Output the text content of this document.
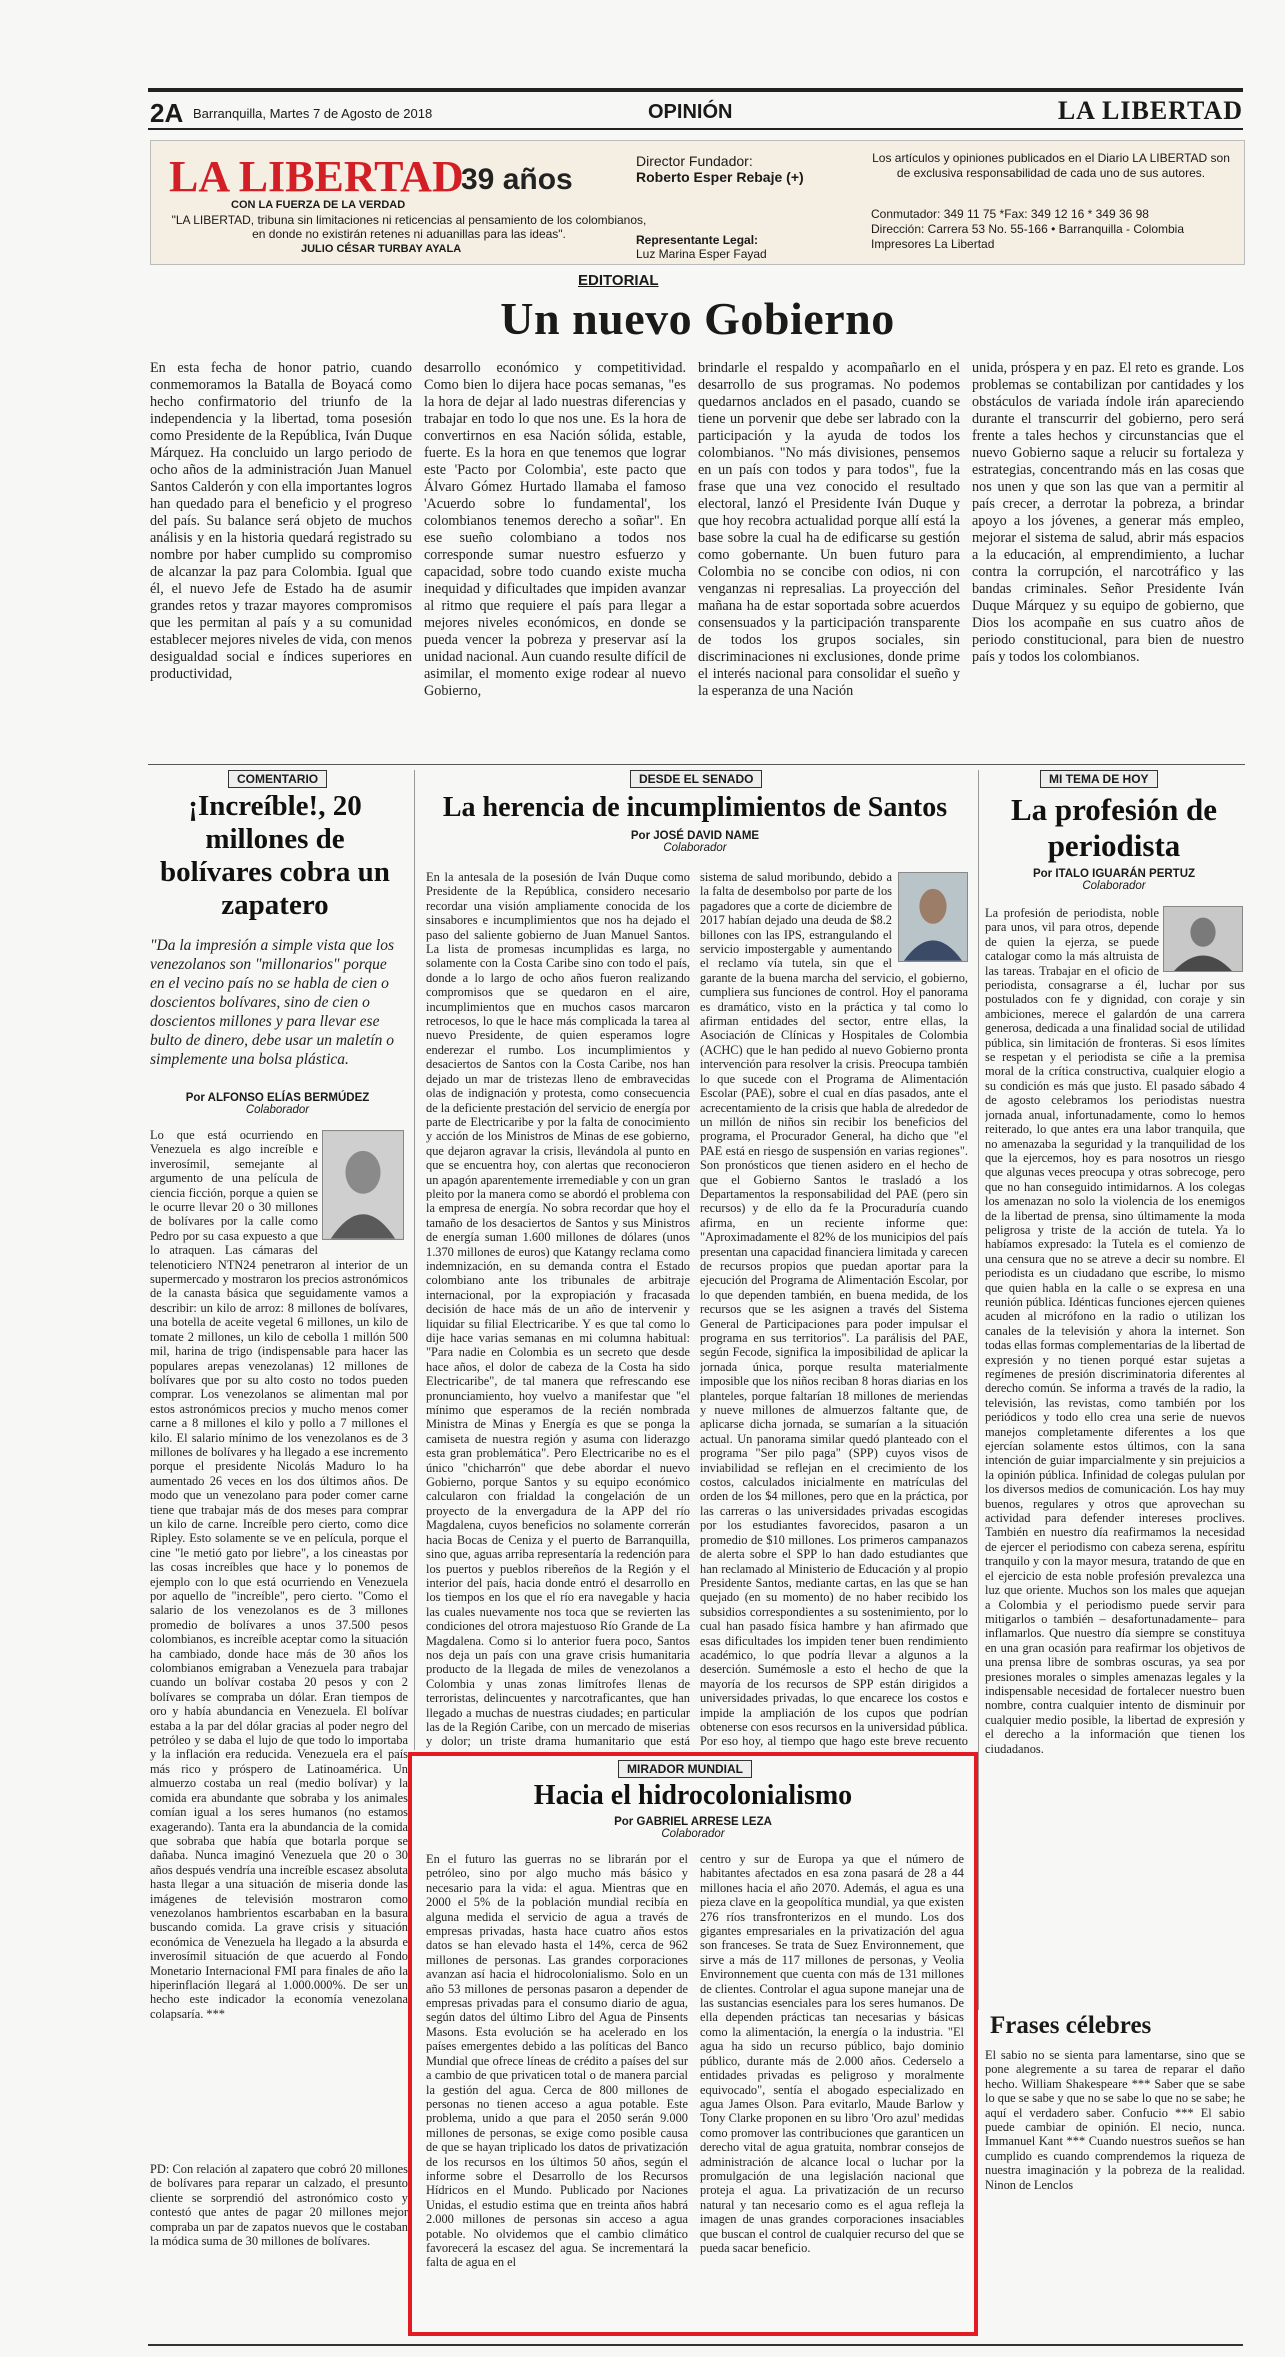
2A Barranquilla, Martes 7 de Agosto de 2018	OPINIÓN	LA LIBERTAD
LA LIBERTAD
39 años
CON LA FUERZA DE LA VERDAD
"LA LIBERTAD, tribuna sin limitaciones ni reticencias al pensamiento de los colombianos, en donde no existirán retenes ni aduanillas para las ideas".
JULIO CÉSAR TURBAY AYALA
Director Fundador:
Roberto Esper Rebaje (+)
Representante Legal:
Luz Marina Esper Fayad
Los artículos y opiniones publicados en el Diario LA LIBERTAD son de exclusiva responsabilidad de cada uno de sus autores.
Conmutador: 349 11 75 *Fax: 349 12 16 * 349 36 98
Dirección: Carrera 53 No. 55-166 • Barranquilla - Colombia
Impresores La Libertad
EDITORIAL
Un nuevo Gobierno
En esta fecha de honor patrio, cuando conmemoramos la Batalla de Boyacá como hecho confirmatorio del triunfo de la independencia y la libertad, toma posesión como Presidente de la República, Iván Duque Márquez. Ha concluido un largo periodo de ocho años de la administración Juan Manuel Santos Calderón y con ella importantes logros han quedado para el beneficio y el progreso del país. Su balance será objeto de muchos análisis y en la historia quedará registrado su nombre por haber cumplido su compromiso de alcanzar la paz para Colombia. Igual que él, el nuevo Jefe de Estado ha de asumir grandes retos y trazar mayores compromisos que les permitan al país y a su comunidad establecer mejores niveles de vida, con menos desigualdad social e índices superiores en productividad,
desarrollo económico y competitividad. Como bien lo dijera hace pocas semanas, "es la hora de dejar al lado nuestras diferencias y trabajar en todo lo que nos une. Es la hora de convertirnos en esa Nación sólida, estable, fuerte. Es la hora en que tenemos que lograr este 'Pacto por Colombia', este pacto que Álvaro Gómez Hurtado llamaba el famoso 'Acuerdo sobre lo fundamental', los colombianos tenemos derecho a soñar". En ese sueño colombiano a todos nos corresponde sumar nuestro esfuerzo y capacidad, sobre todo cuando existe mucha inequidad y dificultades que impiden avanzar al ritmo que requiere el país para llegar a mejores niveles económicos, en donde se pueda vencer la pobreza y preservar así la unidad nacional. Aun cuando resulte difícil de asimilar, el momento exige rodear al nuevo Gobierno,
brindarle el respaldo y acompañarlo en el desarrollo de sus programas. No podemos quedarnos anclados en el pasado, cuando se tiene un porvenir que debe ser labrado con la participación y la ayuda de todos los colombianos. "No más divisiones, pensemos en un país con todos y para todos", fue la frase que una vez conocido el resultado electoral, lanzó el Presidente Iván Duque y que hoy recobra actualidad porque allí está la base sobre la cual ha de edificarse su gestión como gobernante. Un buen futuro para Colombia no se concibe con odios, ni con venganzas ni represalias. La proyección del mañana ha de estar soportada sobre acuerdos consensuados y la participación transparente de todos los grupos sociales, sin discriminaciones ni exclusiones, donde prime el interés nacional para consolidar el sueño y la esperanza de una Nación
unida, próspera y en paz. El reto es grande. Los problemas se contabilizan por cantidades y los obstáculos de variada índole irán apareciendo durante el transcurrir del gobierno, pero será frente a tales hechos y circunstancias que el nuevo Gobierno saque a relucir su fortaleza y estrategias, concentrando más en las cosas que nos unen y que son las que van a permitir al país crecer, a derrotar la pobreza, a brindar apoyo a los jóvenes, a generar más empleo, mejorar el sistema de salud, abrir más espacios a la educación, al emprendimiento, a luchar contra la corrupción, el narcotráfico y las bandas criminales. Señor Presidente Iván Duque Márquez y su equipo de gobierno, que Dios los acompañe en sus cuatro años de periodo constitucional, para bien de nuestro país y todos los colombianos.
COMENTARIO
¡Increíble!, 20 millones de bolívares cobra un zapatero
"Da la impresión a simple vista que los venezolanos son "millonarios" porque en el vecino país no se habla de cien o doscientos bolívares, sino de cien o doscientos millones y para llevar ese bulto de dinero, debe usar un maletín o simplemente una bolsa plástica.
Por ALFONSO ELÍAS BERMÚDEZ
Colaborador
Lo que está ocurriendo en Venezuela es algo increíble e inverosímil, semejante al argumento de una película de ciencia ficción, porque a quien se le ocurre llevar 20 o 30 millones de bolívares por la calle como Pedro por su casa expuesto a que lo atraquen. Las cámaras del telenoticiero NTN24 penetraron al interior de un supermercado y mostraron los precios astronómicos de la canasta básica que seguidamente vamos a describir: un kilo de arroz: 8 millones de bolívares, una botella de aceite vegetal 6 millones, un kilo de tomate 2 millones, un kilo de cebolla 1 millón 500 mil, harina de trigo (indispensable para hacer las populares arepas venezolanas) 12 millones de bolívares que por su alto costo no todos pueden comprar. Los venezolanos se alimentan mal por estos astronómicos precios y mucho menos comer carne a 8 millones el kilo y pollo a 7 millones el kilo. El salario mínimo de los venezolanos es de 3 millones de bolívares y ha llegado a ese incremento porque el presidente Nicolás Maduro lo ha aumentado 26 veces en los dos últimos años. De modo que un venezolano para poder comer carne tiene que trabajar más de dos meses para comprar un kilo de carne. Increíble pero cierto, como dice Ripley. Esto solamente se ve en película, porque el cine "le metió gato por liebre", a los cineastas por las cosas increíbles que hace y lo ponemos de ejemplo con lo que está ocurriendo en Venezuela por aquello de "increíble", pero cierto. "Como el salario de los venezolanos es de 3 millones promedio de bolívares a unos 37.500 pesos colombianos, es increíble aceptar como la situación ha cambiado, donde hace más de 30 años los colombianos emigraban a Venezuela para trabajar cuando un bolívar costaba 20 pesos y con 2 bolívares se compraba un dólar. Eran tiempos de oro y había abundancia en Venezuela. El bolívar estaba a la par del dólar gracias al poder negro del petróleo y se daba el lujo de que todo lo importaba y la inflación era reducida. Venezuela era el país más rico y próspero de Latinoamérica. Un almuerzo costaba un real (medio bolívar) y la comida era abundante que sobraba y los animales comían igual a los seres humanos (no estamos exagerando). Tanta era la abundancia de la comida que sobraba que había que botarla porque se dañaba. Nunca imaginó Venezuela que 20 o 30 años después vendría una increíble escasez absoluta hasta llegar a una situación de miseria donde las imágenes de televisión mostraron como venezolanos hambrientos escarbaban en la basura buscando comida. La grave crisis y situación económica de Venezuela ha llegado a la absurda e inverosímil situación de que acuerdo al Fondo Monetario Internacional FMI para finales de año la hiperinflación llegará al 1.000.000%. De ser un hecho este indicador la economía venezolana colapsaría. ***
PD: Con relación al zapatero que cobró 20 millones de bolívares para reparar un calzado, el presunto cliente se sorprendió del astronómico costo y contestó que antes de pagar 20 millones mejor compraba un par de zapatos nuevos que le costaban la módica suma de 30 millones de bolívares.
DESDE EL SENADO
La herencia de incumplimientos de Santos
Por JOSÉ DAVID NAME
Colaborador
En la antesala de la posesión de Iván Duque como Presidente de la República, considero necesario recordar una visión ampliamente conocida de los sinsabores e incumplimientos que nos ha dejado el paso del saliente gobierno de Juan Manuel Santos. La lista de promesas incumplidas es larga, no solamente con la Costa Caribe sino con todo el país, donde a lo largo de ocho años fueron realizando compromisos que se quedaron en el aire, incumplimientos que en muchos casos marcaron retrocesos, lo que le hace más complicada la tarea al nuevo Presidente, de quien esperamos logre enderezar el rumbo. Los incumplimientos y desaciertos de Santos con la Costa Caribe, nos han dejado un mar de tristezas lleno de embravecidas olas de indignación y protesta, como consecuencia de la deficiente prestación del servicio de energía por parte de Electricaribe y por la falta de conocimiento y acción de los Ministros de Minas de ese gobierno, que dejaron agravar la crisis, llevándola al punto en que se encuentra hoy, con alertas que reconocieron un apagón aparentemente irremediable y con un gran pleito por la manera como se abordó el problema con la empresa de energía. No sobra recordar que hoy el tamaño de los desaciertos de Santos y sus Ministros de energía suman 1.600 millones de dólares (unos 1.370 millones de euros) que Katangy reclama como indemnización, en su demanda contra el Estado colombiano ante los tribunales de arbitraje internacional, por la expropiación y fracasada decisión de hace más de un año de intervenir y liquidar su filial Electricaribe. Y es que tal como lo dije hace varias semanas en mi columna habitual: "Para nadie en Colombia es un secreto que desde hace años, el dolor de cabeza de la Costa ha sido Electricaribe", de tal manera que refrescando ese pronunciamiento, hoy vuelvo a manifestar que "el mínimo que esperamos de la recién nombrada Ministra de Minas y Energía es que se ponga la camiseta de nuestra región y asuma con liderazgo esta gran problemática". Pero Electricaribe no es el único "chicharrón" que debe abordar el nuevo Gobierno, porque Santos y su equipo económico calcularon con frialdad la congelación de un proyecto de la envergadura de la APP del río Magdalena, cuyos beneficios no solamente correrán hacia Bocas de Ceniza y el puerto de Barranquilla, sino que, aguas arriba representaría la redención para los puertos y pueblos ribereños de la Región y el interior del país, hacia donde entró el desarrollo en los tiempos en los que el río era navegable y hacia las cuales nuevamente nos toca que se revierten las condiciones del otrora majestuoso Río Grande de La Magdalena. Como si lo anterior fuera poco, Santos nos deja un país con una grave crisis humanitaria producto de la llegada de miles de venezolanos a Colombia y unas zonas limítrofes llenas de terroristas, delincuentes y narcotraficantes, que han llegado a muchas de nuestras ciudades; en particular las de la Región Caribe, con un mercado de miserias y dolor; un triste drama humanitario que está
sistema de salud moribundo, debido a la falta de desembolso por parte de los pagadores que a corte de diciembre de 2017 habían dejado una deuda de $8.2 billones con las IPS, estrangulando el servicio impostergable y aumentando el reclamo vía tutela, sin que el garante de la buena marcha del servicio, el gobierno, cumpliera sus funciones de control. Hoy el panorama es dramático, visto en la práctica y tal como lo afirman entidades del sector, entre ellas, la Asociación de Clínicas y Hospitales de Colombia (ACHC) que le han pedido al nuevo Gobierno pronta intervención para resolver la crisis. Preocupa también lo que sucede con el Programa de Alimentación Escolar (PAE), sobre el cual en días pasados, ante el acrecentamiento de la crisis que habla de alrededor de un millón de niños sin recibir los beneficios del programa, el Procurador General, ha dicho que "el PAE está en riesgo de suspensión en varias regiones". Son pronósticos que tienen asidero en el hecho de que el Gobierno Santos le trasladó a los Departamentos la responsabilidad del PAE (pero sin recursos) y de ello da fe la Procuraduría cuando afirma, en un reciente informe que: "Aproximadamente el 82% de los municipios del país presentan una capacidad financiera limitada y carecen de recursos propios que puedan aportar para la ejecución del Programa de Alimentación Escolar, por lo que dependen también, en buena medida, de los recursos que se les asignen a través del Sistema General de Participaciones para poder impulsar el programa en sus territorios". La parálisis del PAE, según Fecode, significa la imposibilidad de aplicar la jornada única, porque resulta materialmente imposible que los niños reciban 8 horas diarias en los planteles, porque faltarían 18 millones de meriendas y nueve millones de almuerzos faltante que, de aplicarse dicha jornada, se sumarían a la situación actual. Un panorama similar quedó planteado con el programa "Ser pilo paga" (SPP) cuyos visos de inviabilidad se reflejan en el crecimiento de los costos, calculados inicialmente en matrículas del orden de los $4 millones, pero que en la práctica, por las carreras o las universidades privadas escogidas por los estudiantes favorecidos, pasaron a un promedio de $10 millones. Los primeros campanazos de alerta sobre el SPP lo han dado estudiantes que han reclamado al Ministerio de Educación y al propio Presidente Santos, mediante cartas, en las que se han quejado (en su momento) de no haber recibido los subsidios correspondientes a su sostenimiento, por lo cual han pasado física hambre y han afirmado que esas dificultades los impiden tener buen rendimiento académico, lo que podría llevar a algunos a la deserción. Sumémosle a esto el hecho de que la mayoría de los recursos de SPP están dirigidos a universidades privadas, lo que encarece los costos e impide la ampliación de los cupos que podrían obtenerse con esos recursos en la universidad pública. Por eso hoy, al tiempo que hago este breve recuento
MI TEMA DE HOY
La profesión de periodista
Por ITALO IGUARÁN PERTUZ
Colaborador
La profesión de periodista, noble para unos, vil para otros, depende de quien la ejerza, se puede catalogar como la más altruista de las tareas. Trabajar en el oficio de periodista, consagrarse a él, luchar por sus postulados con fe y dignidad, con coraje y sin ambiciones, merece el galardón de una carrera generosa, dedicada a una finalidad social de utilidad pública, sin limitación de fronteras. Si esos límites se respetan y el periodista se ciñe a la premisa moral de la crítica constructiva, cualquier elogio a su condición es más que justo. El pasado sábado 4 de agosto celebramos los periodistas nuestra jornada anual, infortunadamente, como lo hemos reiterado, lo que antes era una labor tranquila, que no amenazaba la seguridad y la tranquilidad de los que la ejercemos, hoy es para nosotros un riesgo que algunas veces preocupa y otras sobrecoge, pero que no han conseguido intimidarnos. A los colegas los amenazan no solo la violencia de los enemigos de la libertad de prensa, sino últimamente la moda peligrosa y triste de la acción de tutela. Ya lo habíamos expresado: la Tutela es el comienzo de una censura que no se atreve a decir su nombre. El periodista es un ciudadano que escribe, lo mismo que quien habla en la calle o se expresa en una reunión pública. Idénticas funciones ejercen quienes acuden al micrófono en la radio o utilizan los canales de la televisión y ahora la internet. Son todas ellas formas complementarias de la libertad de expresión y no tienen porqué estar sujetas a regímenes de presión discriminatoria diferentes al derecho común. Se informa a través de la radio, la televisión, las revistas, como también por los periódicos y todo ello crea una serie de nuevos manejos completamente diferentes a los que ejercían solamente estos últimos, con la sana intención de guiar imparcialmente y sin prejuicios a la opinión pública. Infinidad de colegas pululan por los diversos medios de comunicación. Los hay muy buenos, regulares y otros que aprovechan su actividad para defender intereses proclives. También en nuestro día reafirmamos la necesidad de ejercer el periodismo con cabeza serena, espíritu tranquilo y con la mayor mesura, tratando de que en el ejercicio de esta noble profesión prevalezca una luz que oriente. Muchos son los males que aquejan a Colombia y el periodismo puede servir para mitigarlos o también – desafortunadamente– para inflamarlos. Que nuestro día siempre se constituya en una gran ocasión para reafirmar los objetivos de una prensa libre de sombras oscuras, ya sea por presiones morales o simples amenazas legales y la indispensable necesidad de fortalecer nuestro buen nombre, contra cualquier intento de disminuir por cualquier medio posible, la libertad de expresión y el derecho a la información que tienen los ciudadanos.
Frases célebres
El sabio no se sienta para lamentarse, sino que se pone alegremente a su tarea de reparar el daño hecho. William Shakespeare *** Saber que se sabe lo que se sabe y que no se sabe lo que no se sabe; he aquí el verdadero saber. Confucio *** El sabio puede cambiar de opinión. El necio, nunca. Immanuel Kant *** Cuando nuestros sueños se han cumplido es cuando comprendemos la riqueza de nuestra imaginación y la pobreza de la realidad. Ninon de Lenclos
MIRADOR MUNDIAL
Hacia el hidrocolonialismo
Por GABRIEL ARRESE LEZA
Colaborador
En el futuro las guerras no se librarán por el petróleo, sino por algo mucho más básico y necesario para la vida: el agua. Mientras que en 2000 el 5% de la población mundial recibía en alguna medida el servicio de agua a través de empresas privadas, hasta hace cuatro años estos datos se han elevado hasta el 14%, cerca de 962 millones de personas. Las grandes corporaciones avanzan así hacia el hidrocolonialismo. Solo en un año 53 millones de personas pasaron a depender de empresas privadas para el consumo diario de agua, según datos del último Libro del Agua de Pinsents Masons. Esta evolución se ha acelerado en los países emergentes debido a las políticas del Banco Mundial que ofrece líneas de crédito a países del sur a cambio de que privaticen total o de manera parcial la gestión del agua. Cerca de 800 millones de personas no tienen acceso a agua potable. Este problema, unido a que para el 2050 serán 9.000 millones de personas, se exige como posible causa de que se hayan triplicado los datos de privatización de los recursos en los últimos 50 años, según el informe sobre el Desarrollo de los Recursos Hídricos en el Mundo. Publicado por Naciones Unidas, el estudio estima que en treinta años habrá 2.000 millones de personas sin acceso a agua potable. No olvidemos que el cambio climático favorecerá la escasez del agua. Se incrementará la falta de agua en el
centro y sur de Europa ya que el número de habitantes afectados en esa zona pasará de 28 a 44 millones hacia el año 2070. Además, el agua es una pieza clave en la geopolítica mundial, ya que existen 276 ríos transfronterizos en el mundo. Los dos gigantes empresariales en la privatización del agua son franceses. Se trata de Suez Environnement, que sirve a más de 117 millones de personas, y Veolia Environnement que cuenta con más de 131 millones de clientes. Controlar el agua supone manejar una de las sustancias esenciales para los seres humanos. De ella dependen prácticas tan necesarias y básicas como la alimentación, la energía o la industria. "El agua ha sido un recurso público, bajo dominio público, durante más de 2.000 años. Cederselo a entidades privadas es peligroso y moralmente equivocado", sentía el abogado especializado en agua James Olson. Para evitarlo, Maude Barlow y Tony Clarke proponen en su libro 'Oro azul' medidas como promover las contribuciones que garanticen un derecho vital de agua gratuita, nombrar consejos de administración de alcance local o luchar por la promulgación de una legislación nacional que proteja el agua. La privatización de un recurso natural y tan necesario como es el agua refleja la imagen de unas grandes corporaciones insaciables que buscan el control de cualquier recurso del que se pueda sacar beneficio.
